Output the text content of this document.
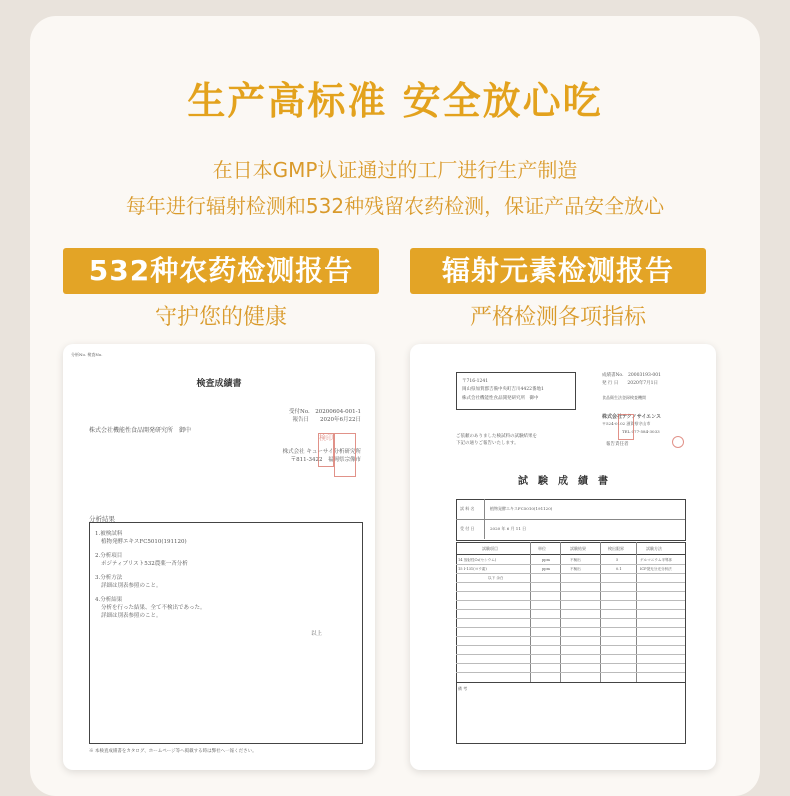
生产高标准 安全放心吃
在日本GMP认证通过的工厂进行生产制造
每年进行辐射检测和532种残留农药检测，保证产品安全放心
532种农药检测报告	辐射元素检测报告
守护您的健康	严格检测各项指标
分析No. 検査No.
検査成績書
受付No.　20200604-001-1
報告日　　2020年6月22日
株式会社機能性食品開発研究所　御中
株式会社 キューサイ分析研究所
〒811-3422　福岡県宗像市
検印
分析結果
1.被検試料
植物発酵エキスFC5010(191120)
2.分析項目
ポジティブリスト532農薬一斉分析
3.分析方法
詳細は別表参照のこと。
4.分析結果
分析を行った結果、全て不検出であった。
詳細は別表参照のこと。
以上
※ 本検査成績書をカタログ、ホームページ等へ掲載する時は弊社へ一報ください。
〒716-1241
岡山県加賀郡吉備中央町吉川4422番地1
株式会社機能性食品開発研究所　御中
成績書No.　20003193-001
発 行 日　　2020年7月1日
食品衛生法登録検査機関
株式会社テクノサイエンス
〒524-0102 滋賀県守山市
TEL 077-584-3033
報告責任者
ご依頼のありました検試料の試験結果を
下記の通りご報告いたします。
試　験　成　績　書
試 料 名	植物発酵エキスFC5010(191120)
受 付 日	2020 年 6 月 11 日
試験項目	単位	試験結果	検出限界	試験方法
14 放射性Cs(セシウム)	ppm	不検出	5	ゲルマニウム半導体
15 I-131(ヨウ素)	ppm	不検出	0.1	ICP発光分光分析法
以下 余白
備 考
